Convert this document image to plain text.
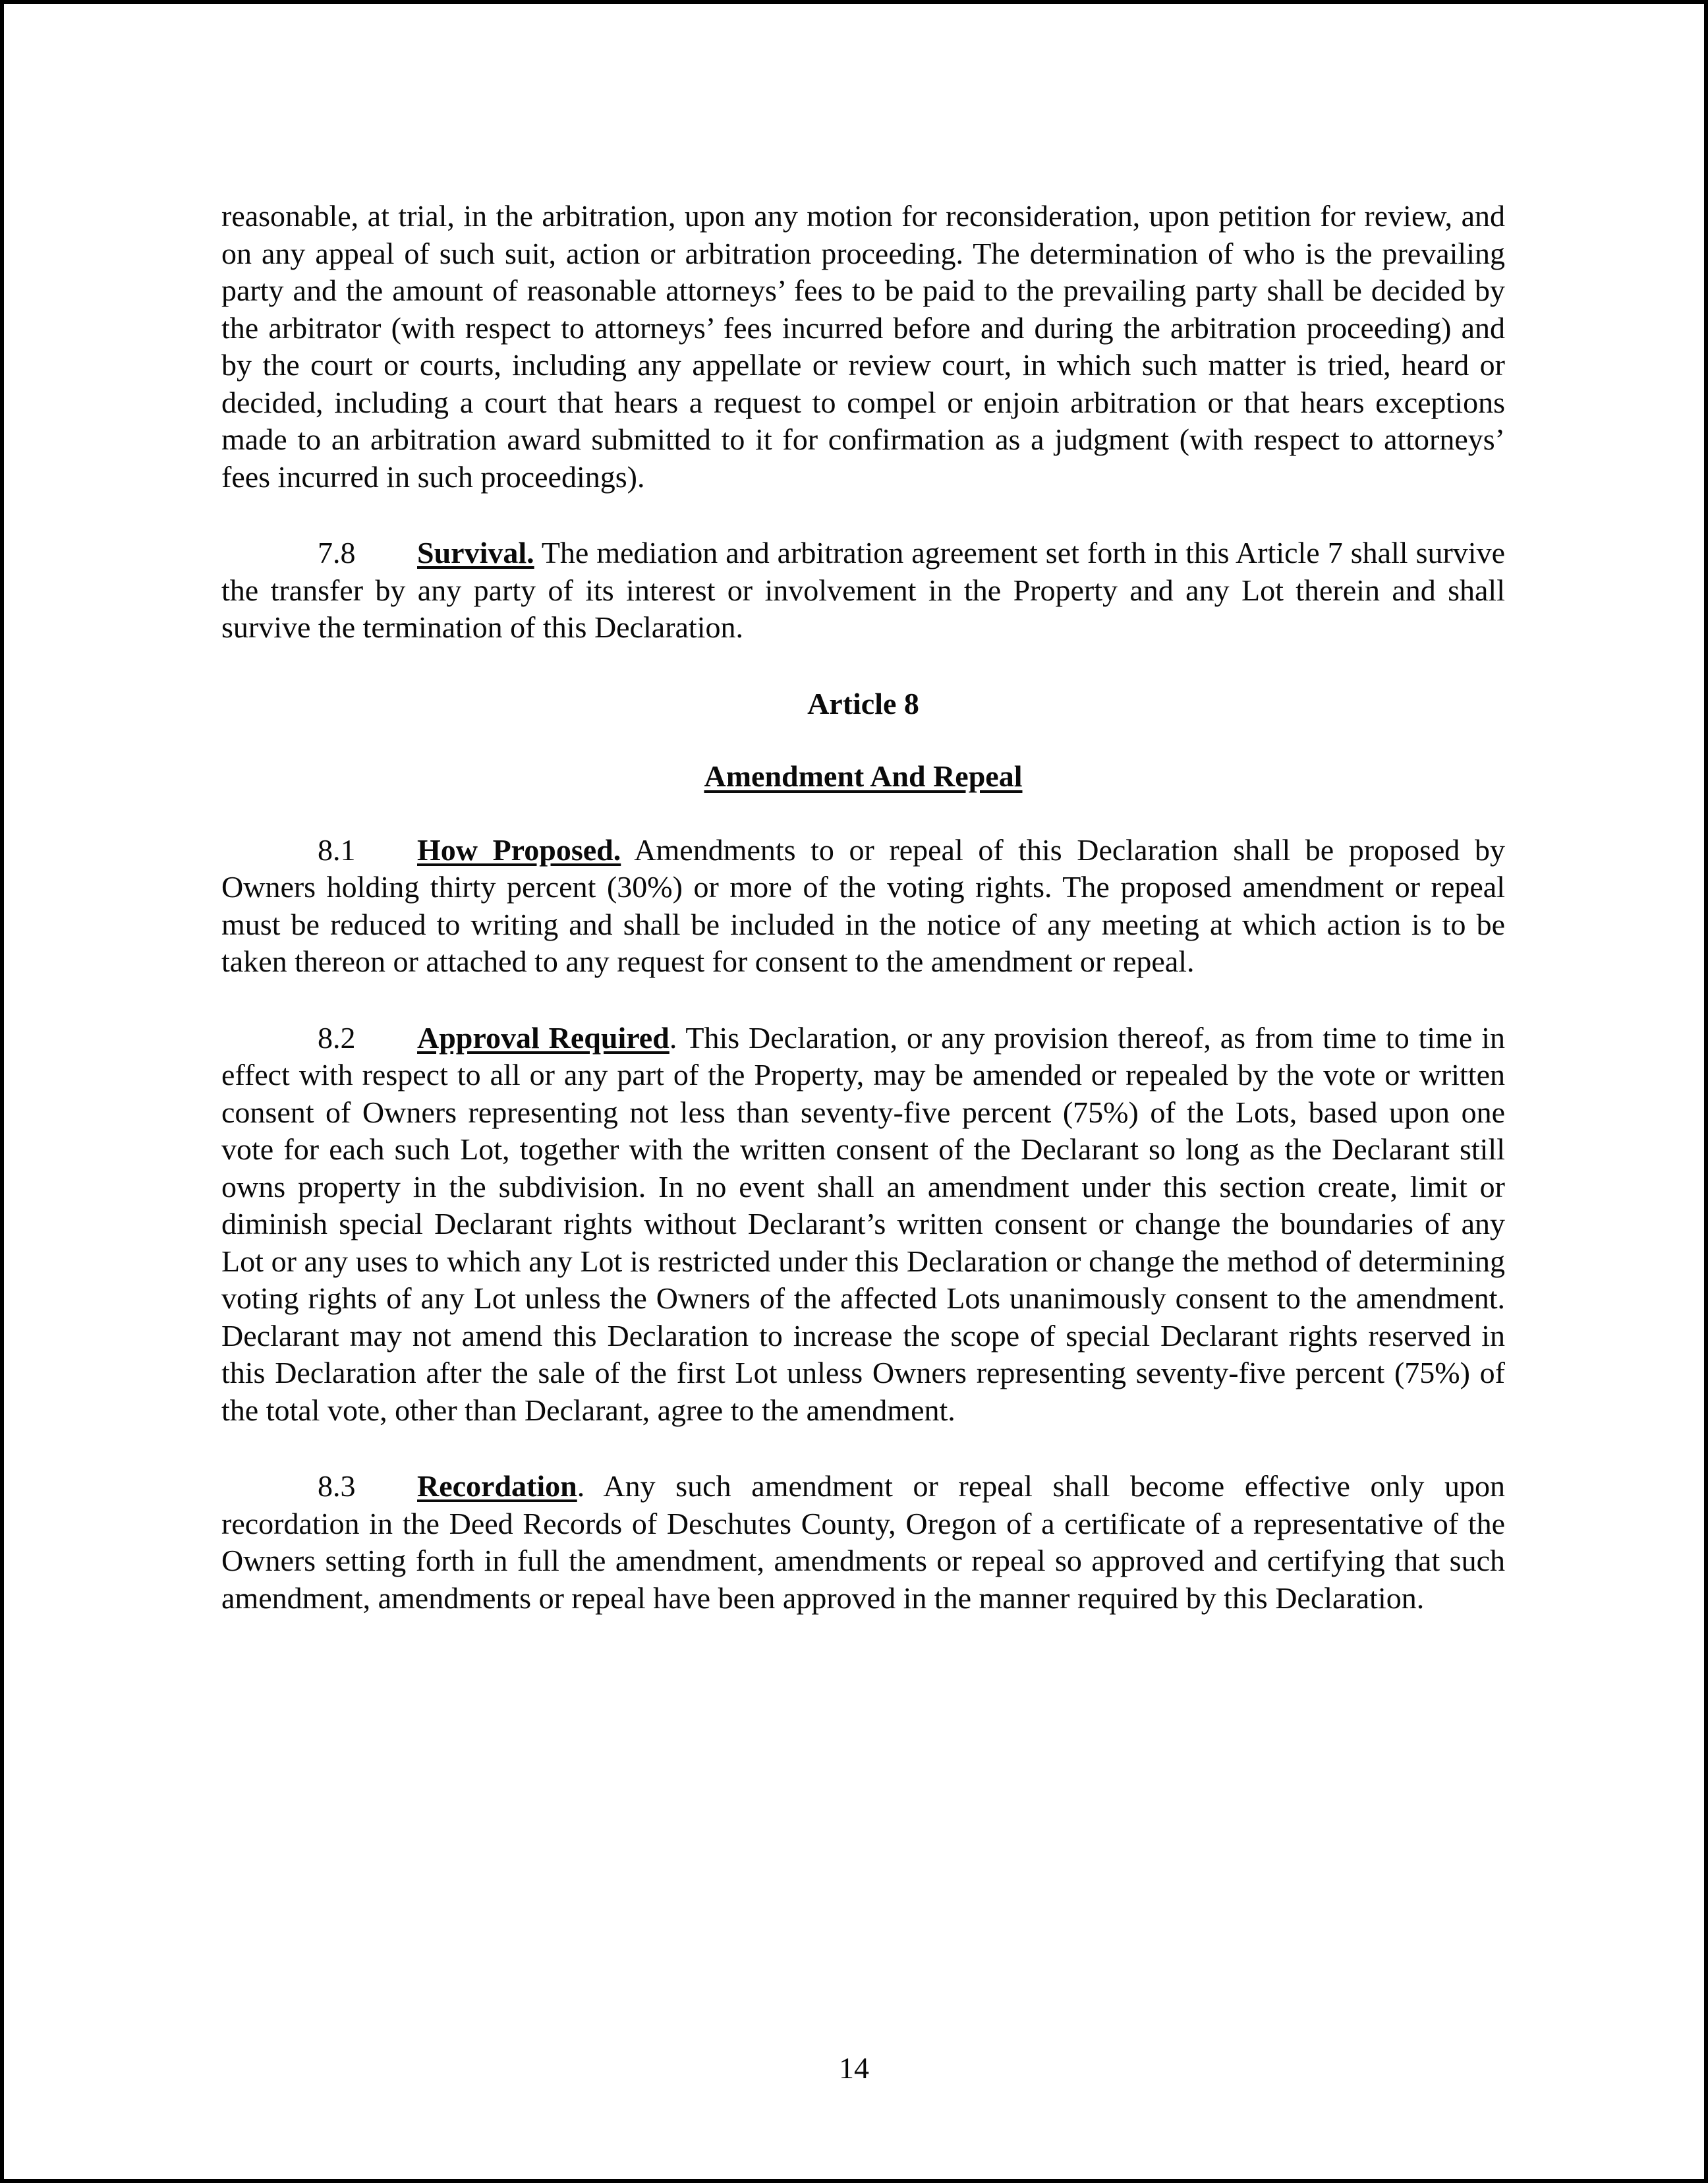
reasonable, at trial, in the arbitration, upon any motion for reconsideration, upon petition for review, and on any appeal of such suit, action or arbitration proceeding. The determination of who is the prevailing party and the amount of reasonable attorneys’ fees to be paid to the prevailing party shall be decided by the arbitrator (with respect to attorneys’ fees incurred before and during the arbitration proceeding) and by the court or courts, including any appellate or review court, in which such matter is tried, heard or decided, including a court that hears a request to compel or enjoin arbitration or that hears exceptions made to an arbitration award submitted to it for confirmation as a judgment (with respect to attorneys’ fees incurred in such proceedings).

7.8 Survival. The mediation and arbitration agreement set forth in this Article 7 shall survive the transfer by any party of its interest or involvement in the Property and any Lot therein and shall survive the termination of this Declaration.

Article 8
Amendment And Repeal

8.1 How Proposed. Amendments to or repeal of this Declaration shall be proposed by Owners holding thirty percent (30%) or more of the voting rights. The proposed amendment or repeal must be reduced to writing and shall be included in the notice of any meeting at which action is to be taken thereon or attached to any request for consent to the amendment or repeal.

8.2 Approval Required. This Declaration, or any provision thereof, as from time to time in effect with respect to all or any part of the Property, may be amended or repealed by the vote or written consent of Owners representing not less than seventy-five percent (75%) of the Lots, based upon one vote for each such Lot, together with the written consent of the Declarant so long as the Declarant still owns property in the subdivision. In no event shall an amendment under this section create, limit or diminish special Declarant rights without Declarant’s written consent or change the boundaries of any Lot or any uses to which any Lot is restricted under this Declaration or change the method of determining voting rights of any Lot unless the Owners of the affected Lots unanimously consent to the amendment. Declarant may not amend this Declaration to increase the scope of special Declarant rights reserved in this Declaration after the sale of the first Lot unless Owners representing seventy-five percent (75%) of the total vote, other than Declarant, agree to the amendment.

8.3 Recordation. Any such amendment or repeal shall become effective only upon recordation in the Deed Records of Deschutes County, Oregon of a certificate of a representative of the Owners setting forth in full the amendment, amendments or repeal so approved and certifying that such amendment, amendments or repeal have been approved in the manner required by this Declaration.

14
